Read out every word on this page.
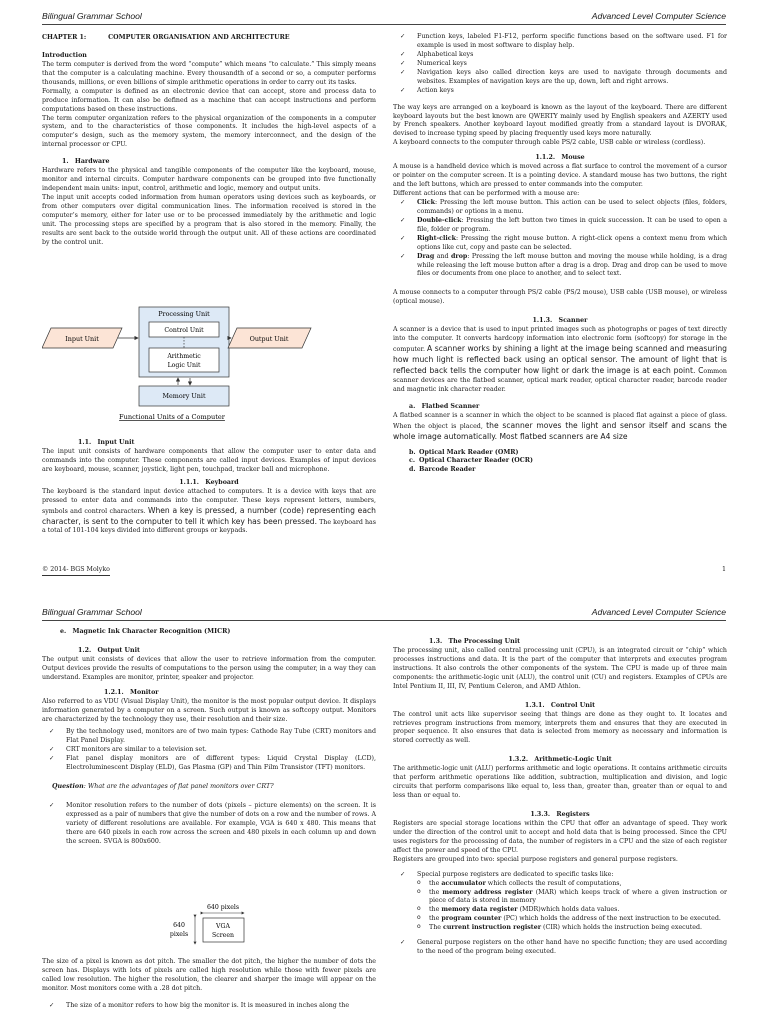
Bilingual Grammar School	Advanced Level Computer Science

CHAPTER 1:	COMPUTER ORGANISATION AND ARCHITECTURE

Introduction

The term computer is derived from the word “compute” which means “to calculate.” This simply means that the computer is a calculating machine. Every thousandth of a second or so, a computer performs thousands, millions, or even billions of simple arithmetic operations in order to carry out its tasks.

Formally, a computer is defined as an electronic device that can accept, store and process data to produce information. It can also be defined as a machine that can accept instructions and perform computations based on these instructions.

The term computer organization refers to the physical organization of the components in a computer system, and to the characteristics of those components. It includes the high-level aspects of a computer’s design, such as the memory system, the memory interconnect, and the design of the internal processor or CPU.

1. Hardware

Hardware refers to the physical and tangible components of the computer like the keyboard, mouse, monitor and internal circuits. Computer hardware components can be grouped into five functionally independent main units: input, control, arithmetic and logic, memory and output units.

The input unit accepts coded information from human operators using devices such as keyboards, or from other computers over digital communication lines. The information received is stored in the computer’s memory, either for later use or to be processed immediately by the arithmetic and logic unit. The processing steps are specified by a program that is also stored in the memory. Finally, the results are sent back to the outside world through the output unit. All of these actions are coordinated by the control unit.

Processing Unit
Control Unit
Arithmetic
Logic Unit
Memory Unit
Input Unit	Output Unit
Functional Units of a Computer

1.1. Input Unit

The input unit consists of hardware components that allow the computer user to enter data and commands into the computer. These components are called input devices. Examples of input devices are keyboard, mouse, scanner, joystick, light pen, touchpad, tracker ball and microphone.

1.1.1. Keyboard

The keyboard is the standard input device attached to computers. It is a device with keys that are pressed to enter data and commands into the computer. These keys represent letters, numbers, symbols and control characters. When a key is pressed, a number (code) representing each character, is sent to the computer to tell it which key has been pressed. The keyboard has a total of 101-104 keys divided into different groups or keypads.

✓ Function keys, labeled F1-F12, perform specific functions based on the software used. F1 for example is used in most software to display help.
✓ Alphabetical keys
✓ Numerical keys
✓ Navigation keys also called direction keys are used to navigate through documents and websites. Examples of navigation keys are the up, down, left and right arrows.
✓ Action keys

The way keys are arranged on a keyboard is known as the layout of the keyboard. There are different keyboard layouts but the best known are QWERTY mainly used by English speakers and AZERTY used by French speakers. Another keyboard layout modified greatly from a standard layout is DVORAK, devised to increase typing speed by placing frequently used keys more naturally.

A keyboard connects to the computer through cable PS/2 cable, USB cable or wireless (cordless).

1.1.2. Mouse

A mouse is a handheld device which is moved across a flat surface to control the movement of a cursor or pointer on the computer screen. It is a pointing device. A standard mouse has two buttons, the right and the left buttons, which are pressed to enter commands into the computer.

Different actions that can be performed with a mouse are:

✓ Click: Pressing the left mouse button. This action can be used to select objects (files, folders, commands) or options in a menu.
✓ Double-click: Pressing the left button two times in quick succession. It can be used to open a file, folder or program.
✓ Right-click: Pressing the right mouse button. A right-click opens a context menu from which options like cut, copy and paste can be selected.
✓ Drag and drop: Pressing the left mouse button and moving the mouse while holding, is a drag while releasing the left mouse button after a drag is a drop. Drag and drop can be used to move files or documents from one place to another, and to select text.

A mouse connects to a computer through PS/2 cable (PS/2 mouse), USB cable (USB mouse), or wireless (optical mouse).

1.1.3. Scanner

A scanner is a device that is used to input printed images such as photographs or pages of text directly into the computer. It converts hardcopy information into electronic form (softcopy) for storage in the computer. A scanner works by shining a light at the image being scanned and measuring how much light is reflected back using an optical sensor. The amount of light that is reflected back tells the computer how light or dark the image is at each point. Common scanner devices are the flatbed scanner, optical mark reader, optical character reader, barcode reader and magnetic ink character reader.

a. Flatbed Scanner

A flatbed scanner is a scanner in which the object to be scanned is placed flat against a piece of glass. When the object is placed, the scanner moves the light and sensor itself and scans the whole image automatically. Most flatbed scanners are A4 size

b. Optical Mark Reader (OMR)
c. Optical Character Reader (OCR)
d. Barcode Reader
© 2014- BGS Molyko	1
Bilingual Grammar School	Advanced Level Computer Science

e. Magnetic Ink Character Recognition (MICR)

1.2. Output Unit

The output unit consists of devices that allow the user to retrieve information from the computer. Output devices provide the results of computations to the person using the computer, in a way they can understand. Examples are monitor, printer, speaker and projector.

1.2.1. Monitor

Also referred to as VDU (Visual Display Unit), the monitor is the most popular output device. It displays information generated by a computer on a screen. Such output is known as softcopy output. Monitors are characterized by the technology they use, their resolution and their size.

✓ By the technology used, monitors are of two main types: Cathode Ray Tube (CRT) monitors and Flat Panel Display.
✓ CRT monitors are similar to a television set.
✓ Flat panel display monitors are of different types: Liquid Crystal Display (LCD), Electroluminescent Display (ELD), Gas Plasma (GP) and Thin Film Transistor (TFT) monitors.

Question: What are the advantages of flat panel monitors over CRT?

✓ Monitor resolution refers to the number of dots (pixels – picture elements) on the screen. It is expressed as a pair of numbers that give the number of dots on a row and the number of rows. A variety of different resolutions are available. For example, VGA is 640 x 480. This means that there are 640 pixels in each row across the screen and 480 pixels in each column up and down the screen. SVGA is 800x600.
640 pixels
640
pixels
VGA
Screen

The size of a pixel is known as dot pitch. The smaller the dot pitch, the higher the number of dots the screen has. Displays with lots of pixels are called high resolution while those with fewer pixels are called low resolution. The higher the resolution, the clearer and sharper the image will appear on the monitor. Most monitors come with a .28 dot pitch.

✓ The size of a monitor refers to how big the monitor is. It is measured in inches along the

1.3. The Processing Unit

The processing unit, also called central processing unit (CPU), is an integrated circuit or “chip” which processes instructions and data. It is the part of the computer that interprets and executes program instructions. It also controls the other components of the system. The CPU is made up of three main components: the arithmetic-logic unit (ALU), the control unit (CU) and registers. Examples of CPUs are Intel Pentium II, III, IV, Pentium Celeron, and AMD Athlon.

1.3.1. Control Unit

The control unit acts like supervisor seeing that things are done as they ought to. It locates and retrieves program instructions from memory, interprets them and ensures that they are executed in proper sequence. It also ensures that data is selected from memory as necessary and information is stored correctly as well.

1.3.2. Arithmetic-Logic Unit

The arithmetic-logic unit (ALU) performs arithmetic and logic operations. It contains arithmetic circuits that perform arithmetic operations like addition, subtraction, multiplication and division, and logic circuits that perform comparisons like equal to, less than, greater than, greater than or equal to and less than or equal to.

1.3.3. Registers

Registers are special storage locations within the CPU that offer an advantage of speed. They work under the direction of the control unit to accept and hold data that is being processed. Since the CPU uses registers for the processing of data, the number of registers in a CPU and the size of each register affect the power and speed of the CPU.

Registers are grouped into two: special purpose registers and general purpose registers.

✓ Special purpose registers are dedicated to specific tasks like:
o the accumulator which collects the result of computations,
o the memory address register (MAR) which keeps track of where a given instruction or piece of data is stored in memory
o the memory data register (MDR)which holds data values.
o the program counter (PC) which holds the address of the next instruction to be executed.
o The current instruction register (CIR) which holds the instruction being executed.
✓ General purpose registers on the other hand have no specific function; they are used according to the need of the program being executed.
